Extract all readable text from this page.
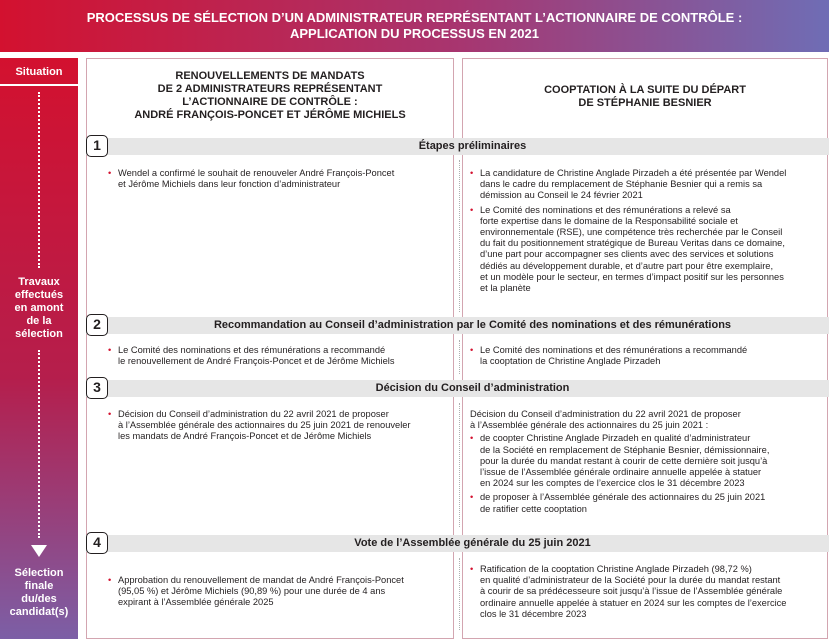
PROCESSUS DE SÉLECTION D’UN ADMINISTRATEUR REPRÉSENTANT L’ACTIONNAIRE DE CONTRÔLE :
APPLICATION DU PROCESSUS EN 2021
Situation
Travaux
effectués
en amont
de la
sélection
Sélection
finale
du/des
candidat(s)
RENOUVELLEMENTS DE MANDATS
DE 2 ADMINISTRATEURS REPRÉSENTANT
L’ACTIONNAIRE DE CONTRÔLE :
ANDRÉ FRANÇOIS-PONCET ET JÉRÔME MICHIELS
COOPTATION À LA SUITE DU DÉPART
DE STÉPHANIE BESNIER
1	Étapes préliminaires
• Wendel a confirmé le souhait de renouveler André François-Poncet
et Jérôme Michiels dans leur fonction d’administrateur
• La candidature de Christine Anglade Pirzadeh a été présentée par Wendel
dans le cadre du remplacement de Stéphanie Besnier qui a remis sa
démission au Conseil le 24 février 2021
• Le Comité des nominations et des rémunérations a relevé sa
forte expertise dans le domaine de la Responsabilité sociale et
environnementale (RSE), une compétence très recherchée par le Conseil
du fait du positionnement stratégique de Bureau Veritas dans ce domaine,
d’une part pour accompagner ses clients avec des services et solutions
dédiés au développement durable, et d’autre part pour être exemplaire,
et un modèle pour le secteur, en termes d’impact positif sur les personnes
et la planète
2	Recommandation au Conseil d’administration par le Comité des nominations et des rémunérations
• Le Comité des nominations et des rémunérations a recommandé
le renouvellement de André François-Poncet et de Jérôme Michiels
• Le Comité des nominations et des rémunérations a recommandé
la cooptation de Christine Anglade Pirzadeh
3	Décision du Conseil d’administration
• Décision du Conseil d’administration du 22 avril 2021 de proposer
à l’Assemblée générale des actionnaires du 25 juin 2021 de renouveler
les mandats de André François-Poncet et de Jérôme Michiels
Décision du Conseil d’administration du 22 avril 2021 de proposer
à l’Assemblée générale des actionnaires du 25 juin 2021 :
• de coopter Christine Anglade Pirzadeh en qualité d’administrateur
de la Société en remplacement de Stéphanie Besnier, démissionnaire,
pour la durée du mandat restant à courir de cette dernière soit jusqu’à
l’issue de l’Assemblée générale ordinaire annuelle appelée à statuer
en 2024 sur les comptes de l’exercice clos le 31 décembre 2023
• de proposer à l’Assemblée générale des actionnaires du 25 juin 2021
de ratifier cette cooptation
4	Vote de l’Assemblée générale du 25 juin 2021
• Approbation du renouvellement de mandat de André François-Poncet
(95,05 %) et Jérôme Michiels (90,89 %) pour une durée de 4 ans
expirant à l’Assemblée générale 2025
• Ratification de la cooptation Christine Anglade Pirzadeh (98,72 %)
en qualité d’administrateur de la Société pour la durée du mandat restant
à courir de sa prédécesseure soit jusqu’à l’issue de l’Assemblée générale
ordinaire annuelle appelée à statuer en 2024 sur les comptes de l’exercice
clos le 31 décembre 2023
